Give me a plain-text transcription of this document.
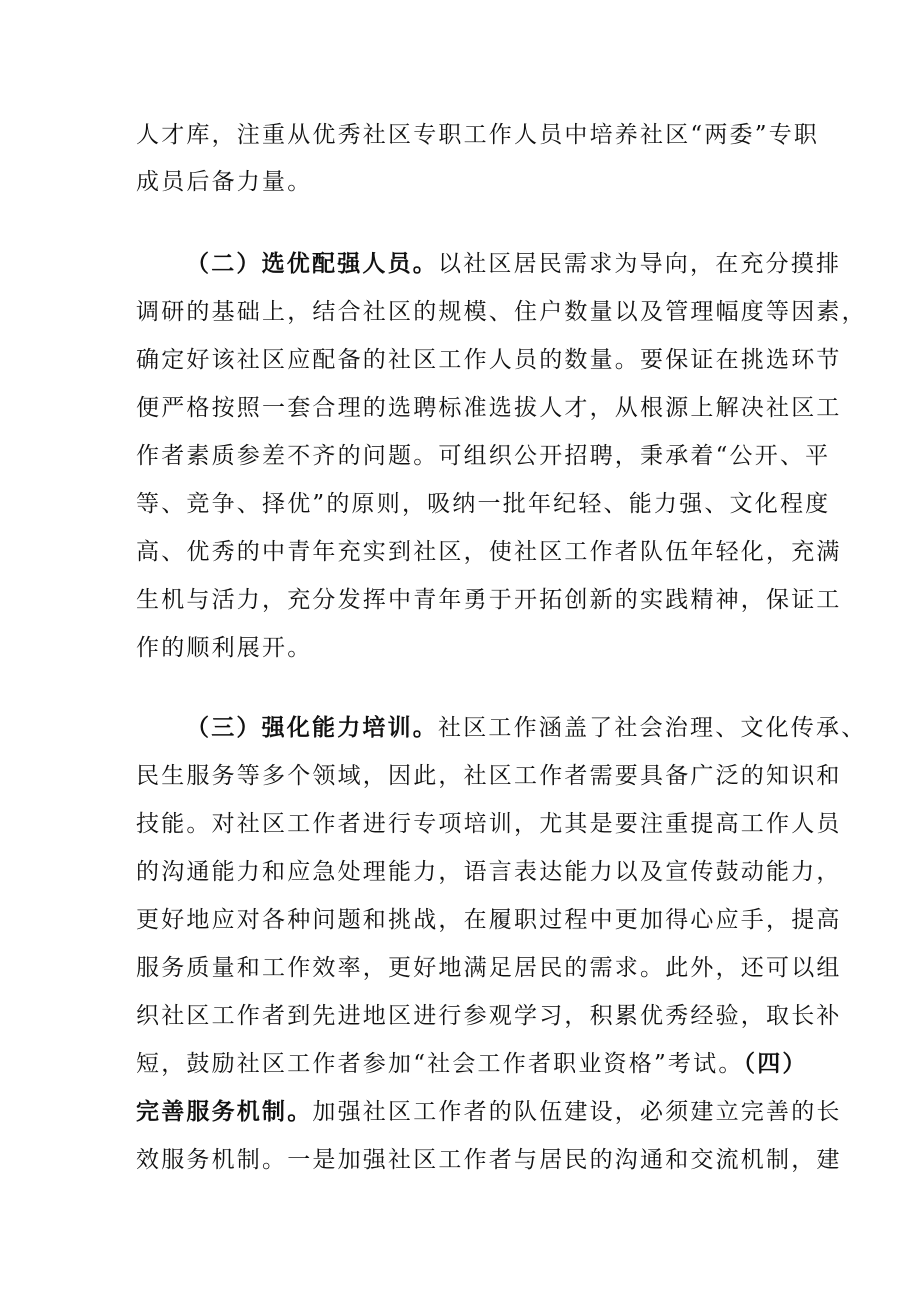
人才库，注重从优秀社区专职工作人员中培养社区“两委”专职
成员后备力量。
（二）选优配强人员。以社区居民需求为导向，在充分摸排
调研的基础上，结合社区的规模、住户数量以及管理幅度等因素，
确定好该社区应配备的社区工作人员的数量。要保证在挑选环节
便严格按照一套合理的选聘标准选拔人才，从根源上解决社区工
作者素质参差不齐的问题。可组织公开招聘，秉承着“公开、平
等、竞争、择优”的原则，吸纳一批年纪轻、能力强、文化程度
高、优秀的中青年充实到社区，使社区工作者队伍年轻化，充满
生机与活力，充分发挥中青年勇于开拓创新的实践精神，保证工
作的顺利展开。
（三）强化能力培训。社区工作涵盖了社会治理、文化传承、
民生服务等多个领域，因此，社区工作者需要具备广泛的知识和
技能。对社区工作者进行专项培训，尤其是要注重提高工作人员
的沟通能力和应急处理能力，语言表达能力以及宣传鼓动能力，
更好地应对各种问题和挑战，在履职过程中更加得心应手，提高
服务质量和工作效率，更好地满足居民的需求。此外，还可以组
织社区工作者到先进地区进行参观学习，积累优秀经验，取长补
短，鼓励社区工作者参加“社会工作者职业资格”考试。（四）
完善服务机制。加强社区工作者的队伍建设，必须建立完善的长
效服务机制。一是加强社区工作者与居民的沟通和交流机制，建
